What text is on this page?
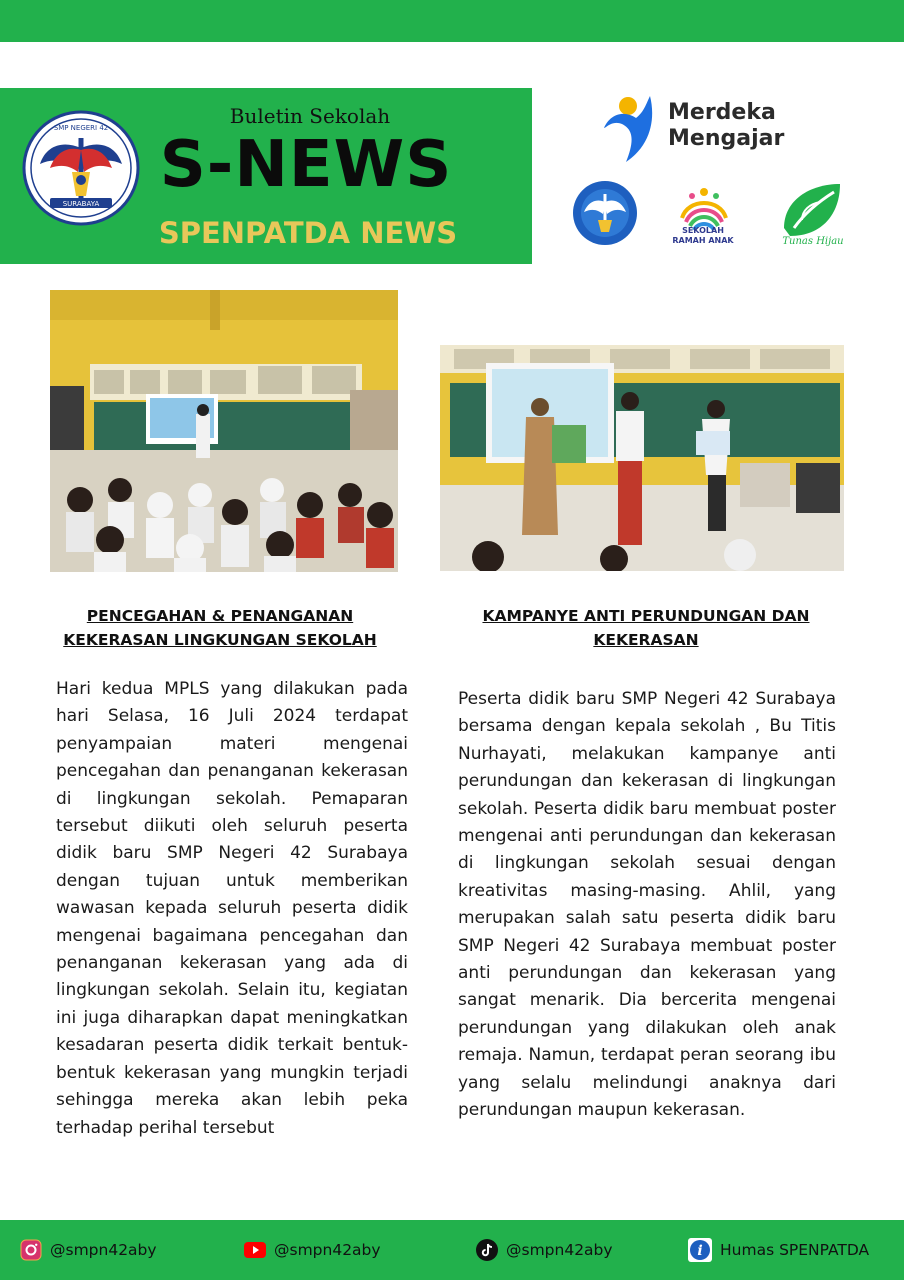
SURABAYA
SMP NEGERI 42	Buletin Sekolah
S-NEWS
SPENPATDA NEWS
Merdeka
Mengajar
SEKOLAH
RAMAH ANAK	Tunas Hijau
PENCEGAHAN & PENANGANAN KEKERASAN LINGKUNGAN SEKOLAH
Hari kedua MPLS yang dilakukan pada hari Selasa, 16 Juli 2024 terdapat penyampaian materi mengenai pencegahan dan penanganan kekerasan di lingkungan sekolah. Pemaparan tersebut diikuti oleh seluruh peserta didik baru SMP Negeri 42 Surabaya dengan tujuan untuk memberikan wawasan kepada seluruh peserta didik mengenai bagaimana pencegahan dan penanganan kekerasan yang ada di lingkungan sekolah. Selain itu, kegiatan ini juga diharapkan dapat meningkatkan kesadaran peserta didik terkait bentuk-bentuk kekerasan yang mungkin terjadi sehingga mereka akan lebih peka terhadap perihal tersebut
KAMPANYE ANTI PERUNDUNGAN DAN KEKERASAN
Peserta didik baru SMP Negeri 42 Surabaya bersama dengan kepala sekolah , Bu Titis Nurhayati, melakukan kampanye anti perundungan dan kekerasan di lingkungan sekolah. Peserta didik baru membuat poster mengenai anti perundungan dan kekerasan di lingkungan sekolah sesuai dengan kreativitas masing-masing. Ahlil, yang merupakan salah satu peserta didik baru SMP Negeri 42 Surabaya membuat poster anti perundungan dan kekerasan yang sangat menarik. Dia bercerita mengenai perundungan yang dilakukan oleh anak remaja. Namun, terdapat peran seorang ibu yang selalu melindungi anaknya dari perundungan maupun kekerasan.
@smpn42aby	@smpn42aby	@smpn42aby	i Humas SPENPATDA
